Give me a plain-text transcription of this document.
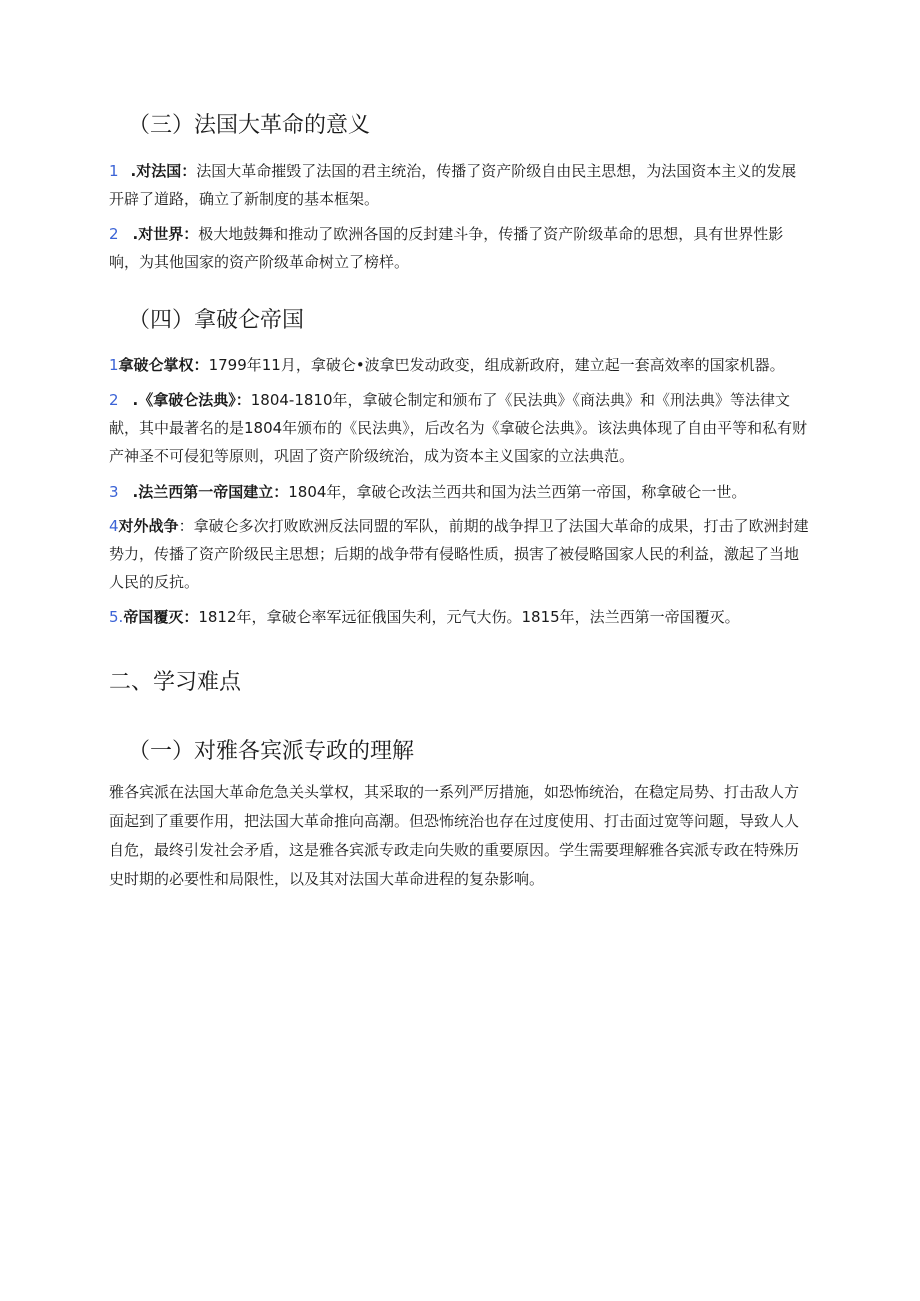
（三）法国大革命的意义
1 .对法国：法国大革命摧毁了法国的君主统治，传播了资产阶级自由民主思想，为法国资本主义的发展开辟了道路，确立了新制度的基本框架。
2 .对世界：极大地鼓舞和推动了欧洲各国的反封建斗争，传播了资产阶级革命的思想，具有世界性影响，为其他国家的资产阶级革命树立了榜样。
（四）拿破仑帝国
1拿破仑掌权：1799年11月，拿破仑•波拿巴发动政变，组成新政府，建立起一套高效率的国家机器。
2 .《拿破仑法典》：1804-1810年，拿破仑制定和颁布了《民法典》《商法典》和《刑法典》等法律文献，其中最著名的是1804年颁布的《民法典》，后改名为《拿破仑法典》。该法典体现了自由平等和私有财产神圣不可侵犯等原则，巩固了资产阶级统治，成为资本主义国家的立法典范。
3 .法兰西第一帝国建立：1804年，拿破仑改法兰西共和国为法兰西第一帝国，称拿破仑一世。
4对外战争：拿破仑多次打败欧洲反法同盟的军队，前期的战争捍卫了法国大革命的成果，打击了欧洲封建势力，传播了资产阶级民主思想；后期的战争带有侵略性质，损害了被侵略国家人民的利益，激起了当地人民的反抗。
5.帝国覆灭：1812年，拿破仑率军远征俄国失利，元气大伤。1815年，法兰西第一帝国覆灭。
二、学习难点
（一）对雅各宾派专政的理解
雅各宾派在法国大革命危急关头掌权，其采取的一系列严厉措施，如恐怖统治，在稳定局势、打击敌人方面起到了重要作用，把法国大革命推向高潮。但恐怖统治也存在过度使用、打击面过宽等问题，导致人人自危，最终引发社会矛盾，这是雅各宾派专政走向失败的重要原因。学生需要理解雅各宾派专政在特殊历史时期的必要性和局限性，以及其对法国大革命进程的复杂影响。
